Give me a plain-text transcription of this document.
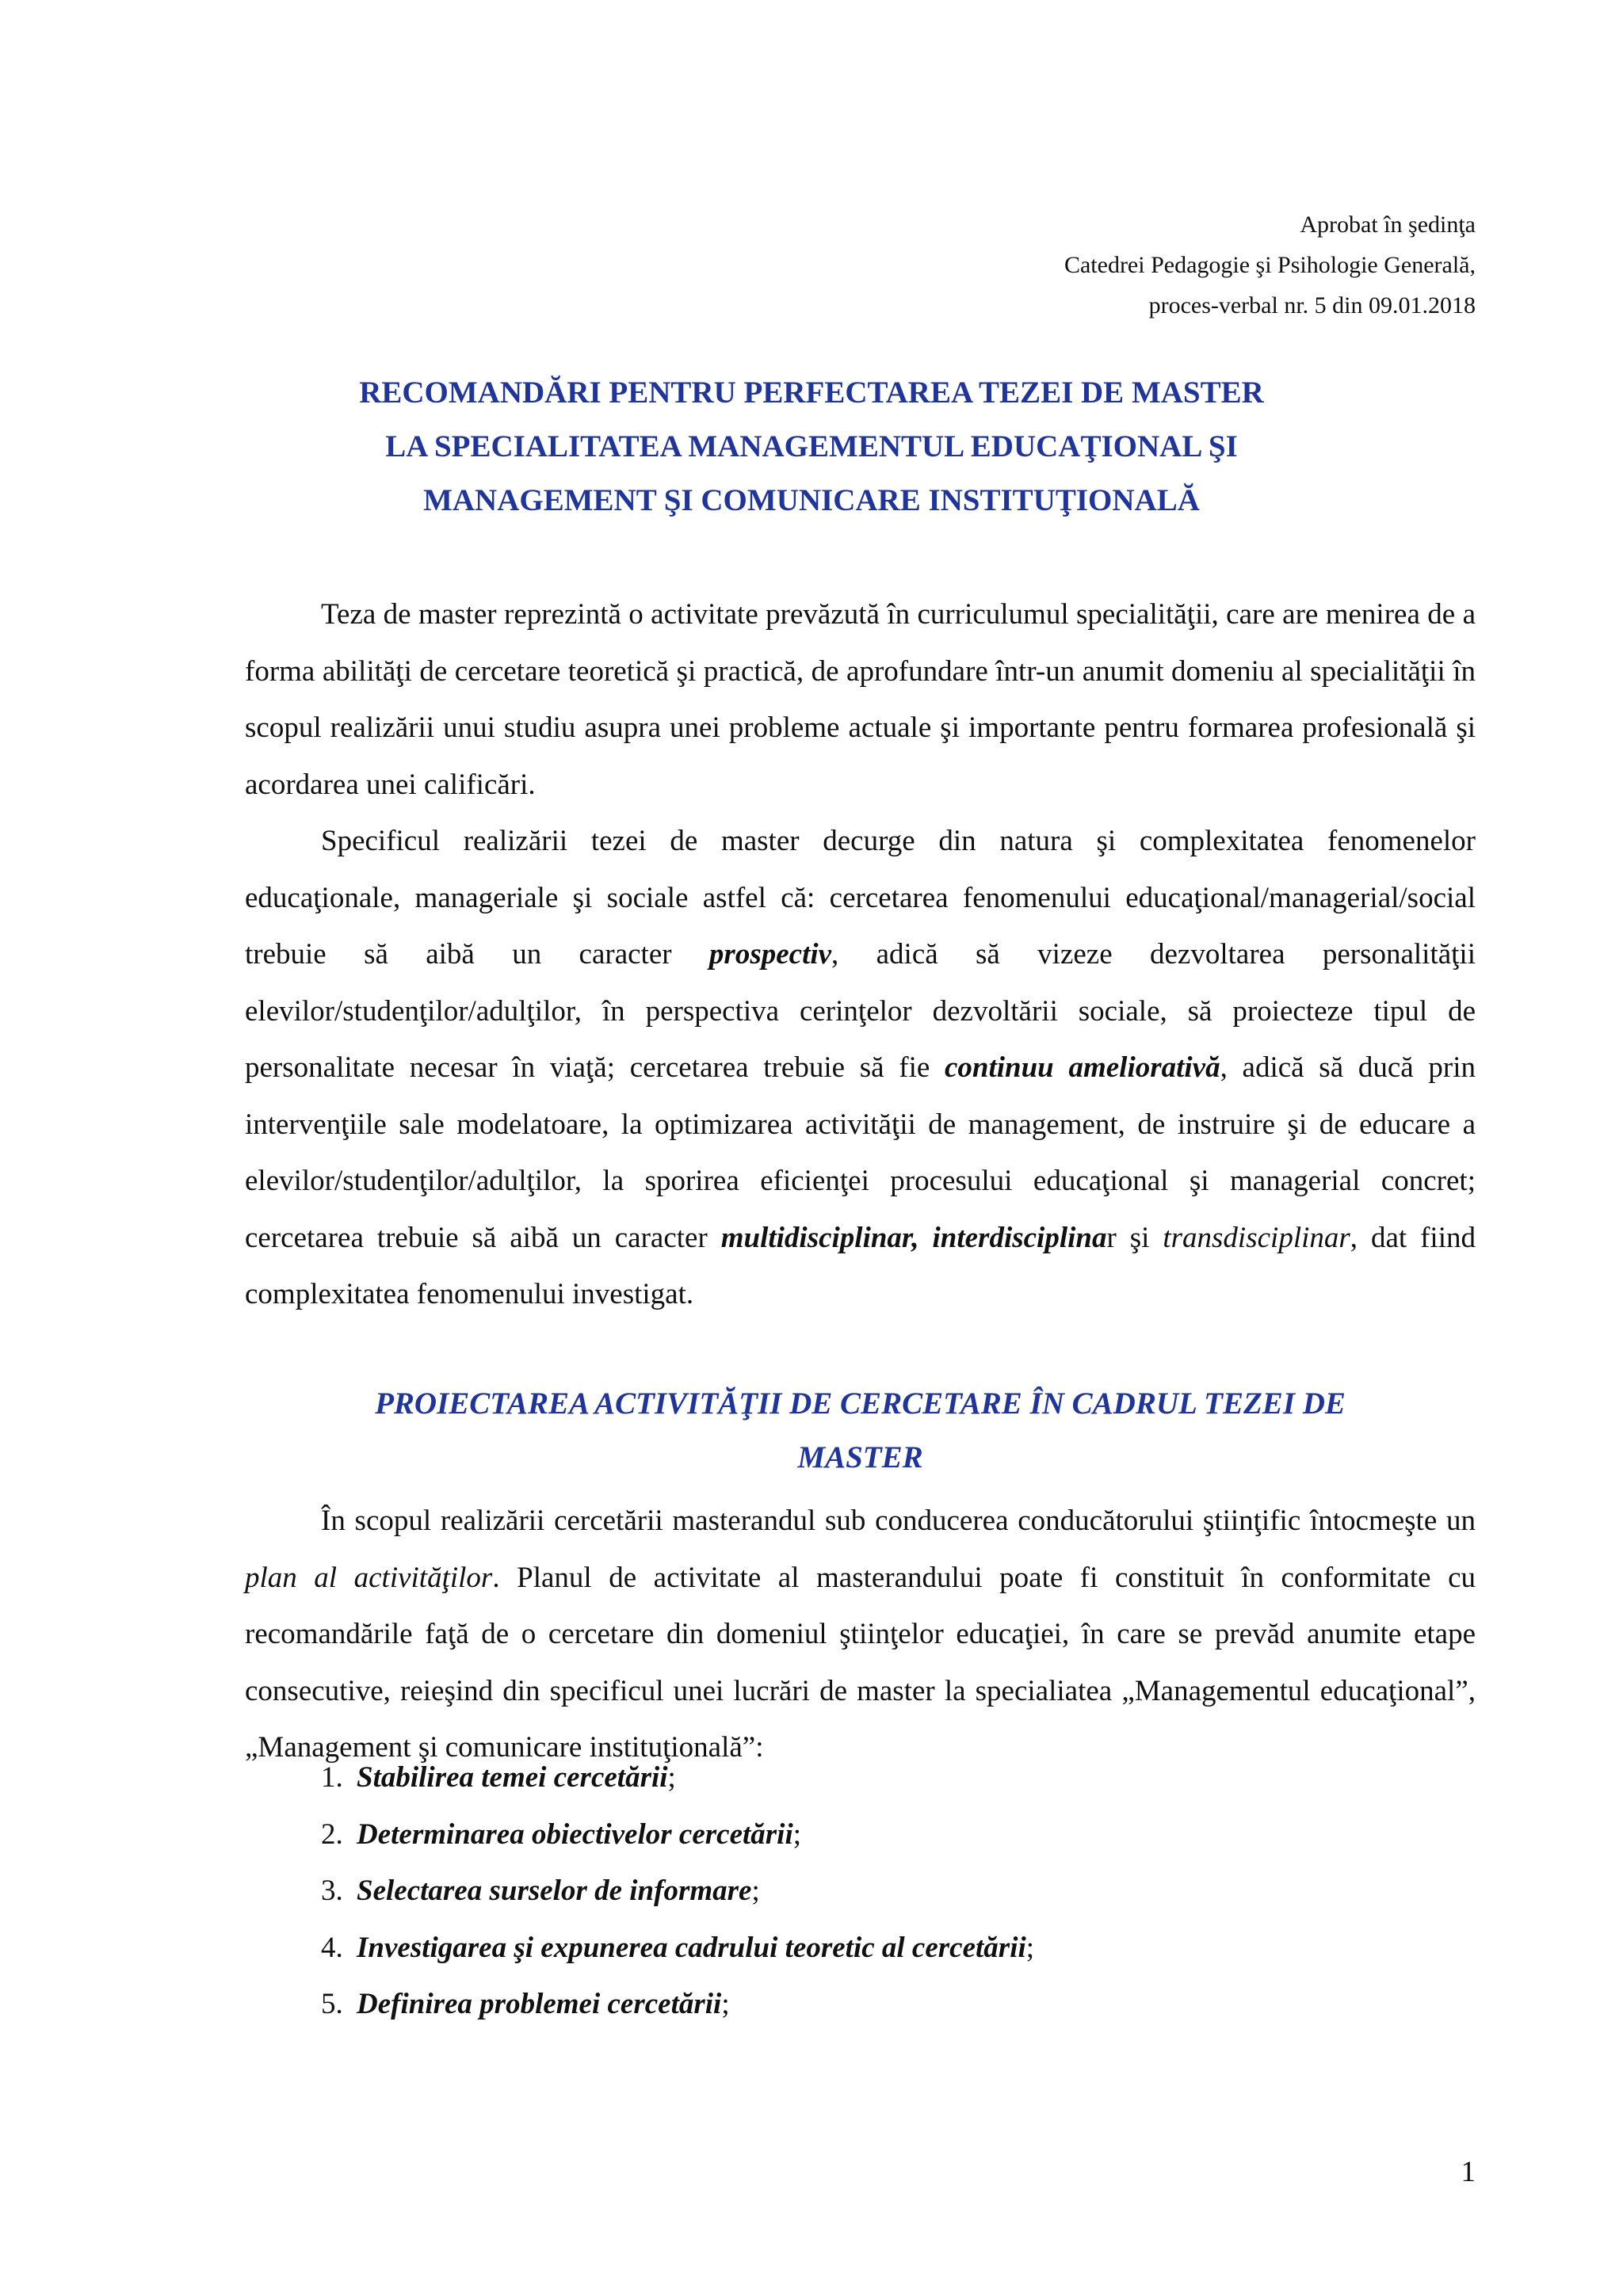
Aprobat în şedinţa
Catedrei Pedagogie şi Psihologie Generală,
proces-verbal nr. 5 din 09.01.2018
RECOMANDĂRI PENTRU PERFECTAREA TEZEI DE MASTER
LA SPECIALITATEA MANAGEMENTUL EDUCAŢIONAL ŞI
MANAGEMENT ŞI COMUNICARE INSTITUŢIONALĂ

Teza de master reprezintă o activitate prevăzută în curriculumul specialităţii, care are menirea de a forma abilităţi de cercetare teoretică şi practică, de aprofundare într-un anumit domeniu al specialităţii în scopul realizării unui studiu asupra unei probleme actuale şi importante pentru formarea profesională şi acordarea unei calificări.

Specificul realizării tezei de master decurge din natura şi complexitatea fenomenelor educaţionale, manageriale şi sociale astfel că: cercetarea fenomenului educaţional/managerial/social trebuie să aibă un caracter prospectiv, adică să vizeze dezvoltarea personalităţii elevilor/studenţilor/adulţilor, în perspectiva cerinţelor dezvoltării sociale, să proiecteze tipul de personalitate necesar în viaţă; cercetarea trebuie să fie continuu ameliorativă, adică să ducă prin intervenţiile sale modelatoare, la optimizarea activităţii de management, de instruire şi de educare a elevilor/studenţilor/adulţilor, la sporirea eficienţei procesului educaţional şi managerial concret; cercetarea trebuie să aibă un caracter multidisciplinar, interdisciplinar şi transdisciplinar, dat fiind complexitatea fenomenului investigat.

PROIECTAREA ACTIVITĂŢII DE CERCETARE ÎN CADRUL TEZEI DE
MASTER

În scopul realizării cercetării masterandul sub conducerea conducătorului ştiinţific întocmeşte un plan al activităţilor. Planul de activitate al masterandului poate fi constituit în conformitate cu recomandările faţă de o cercetare din domeniul ştiinţelor educaţiei, în care se prevăd anumite etape consecutive, reieşind din specificul unei lucrări de master la specialiatea „Managementul educaţional”, „Management şi comunicare instituţională”:

1. Stabilirea temei cercetării;
2. Determinarea obiectivelor cercetării;
3. Selectarea surselor de informare;
4. Investigarea şi expunerea cadrului teoretic al cercetării;
5. Definirea problemei cercetării;
1
